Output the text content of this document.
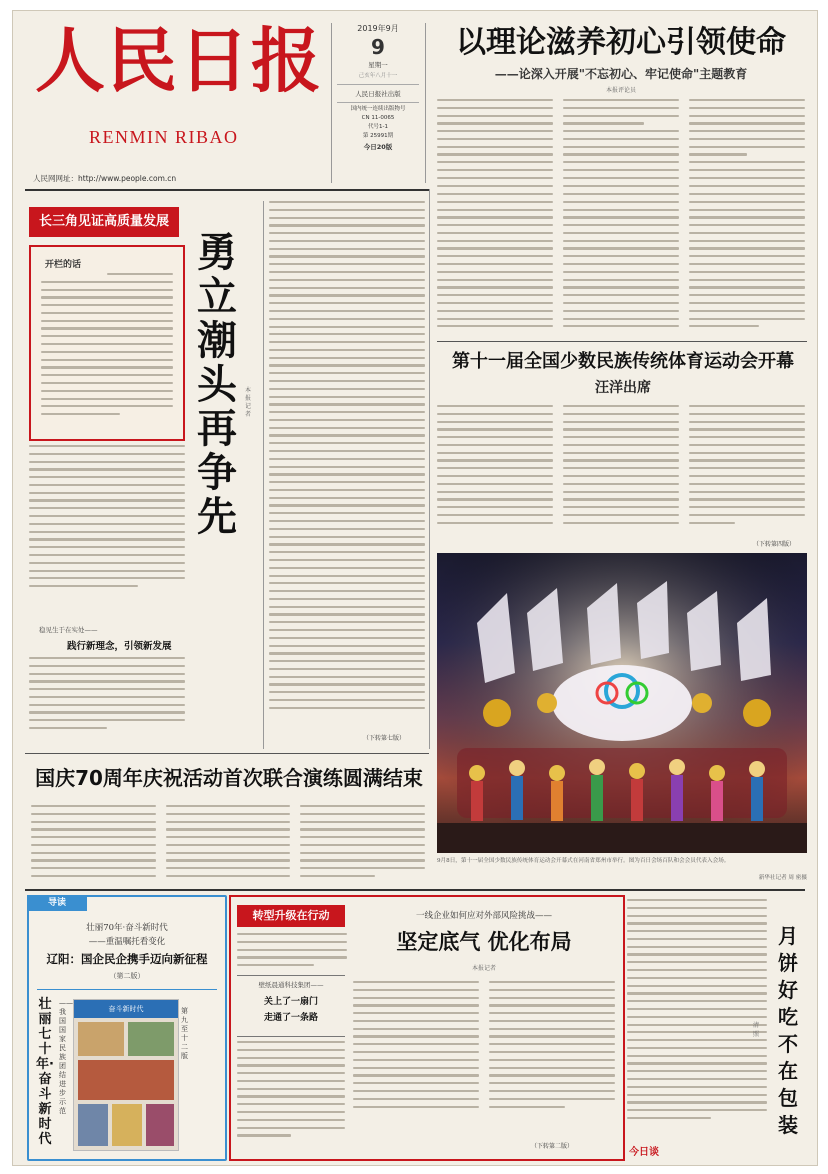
人民日报
RENMIN RIBAO
人民网网址：http://www.people.com.cn
2019年9月
9
星期一
己亥年八月十一
人民日报社出版
国内统一连续出版物号
CN 11-0065
代号1-1
第 25991期
今日20版
以理论滋养初心引领使命
——论深入开展"不忘初心、牢记使命"主题教育
本报评论员
长三角见证高质量发展
开栏的话	勇立潮头再争先
本报记者
稳见生于在实处——
践行新理念，引领新发展
（下转第七版）
第十一届全国少数民族传统体育运动会开幕
汪洋出席
（下转第四版）
9月8日，第十一届全国少数民族传统体育运动会开幕式在河南省郑州市举行。图为百日会场百队和会会员代表入会场。
新华社记者 周 密摄
国庆70周年庆祝活动首次联合演练圆满结束
导读
壮丽70年·奋斗新时代
——重温嘱托看变化
辽阳：国企民企携手迈向新征程
（第二版）
壮丽七十年·奋斗新时代
——我国国家民族团结进步示范
奋斗新时代	第九至十二版
转型升级在行动	一线企业如何应对外部风险挑战——
坚定底气 优化布局
本报记者
壁纸晨通科技集团——
关上了一扇门
走通了一条路
（下转第二版）
月饼好吃不在包装
清 照
今日谈
